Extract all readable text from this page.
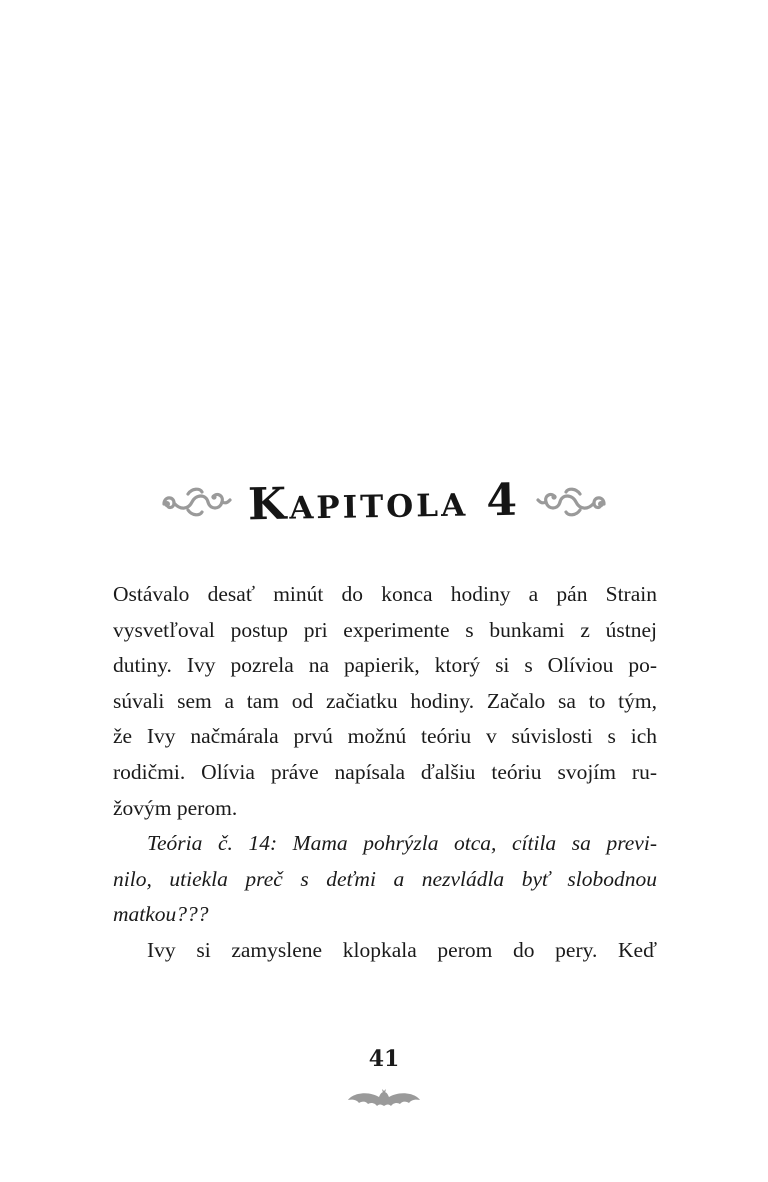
Kapitola 4

Ostávalo desať minút do konca hodiny a pán Strain

vysvetľoval postup pri experimente s bunkami z ústnej

dutiny. Ivy pozrela na papierik, ktorý si s Olíviou po-

súvali sem a tam od začiatku hodiny. Začalo sa to tým,

že Ivy načmárala prvú možnú teóriu v súvislosti s ich

rodičmi. Olívia práve napísala ďalšiu teóriu svojím ru-

žovým perom.

Teória č. 14: Mama pohrýzla otca, cítila sa previ-

nilo, utiekla preč s deťmi a nezvládla byť slobodnou

matkou???

Ivy si zamyslene klopkala perom do pery. Keď

41
